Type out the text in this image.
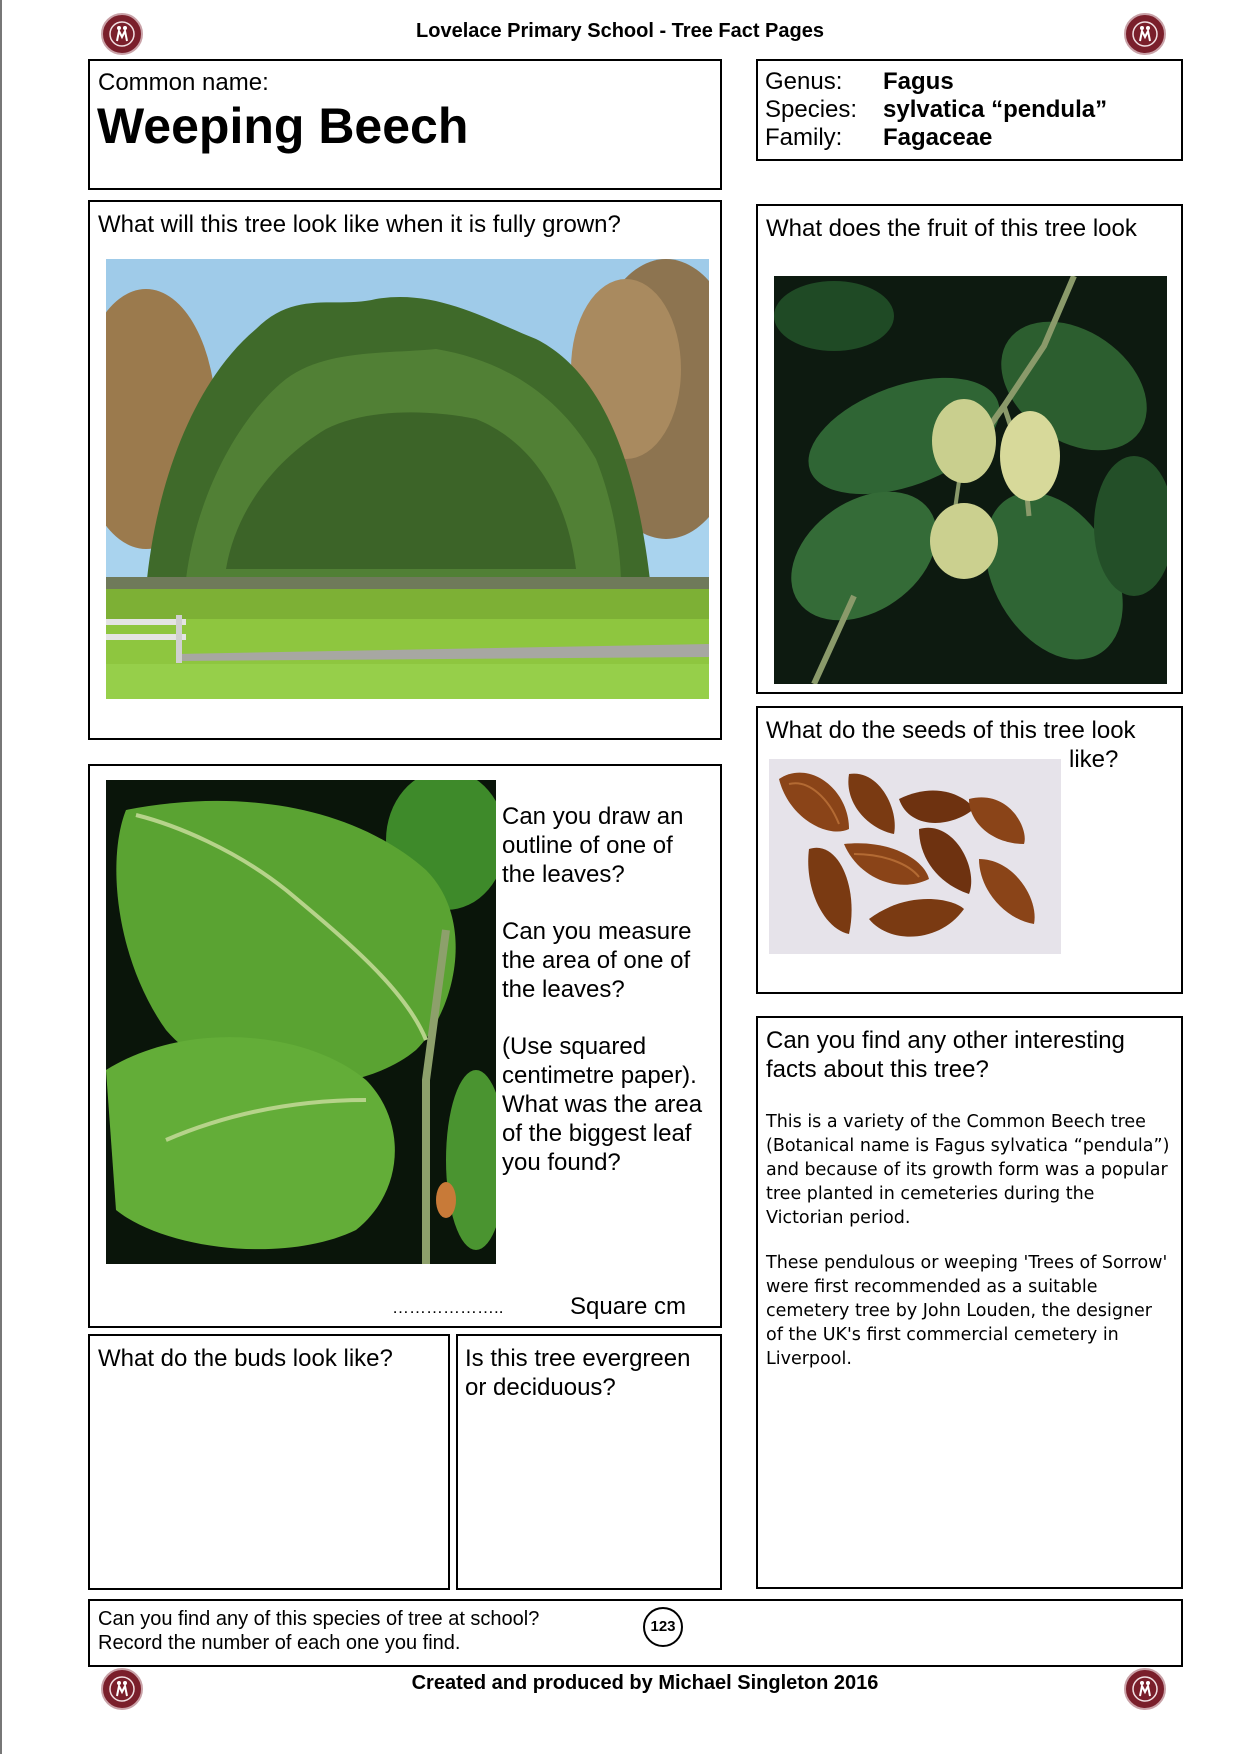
Lovelace Primary School - Tree Fact Pages
Common name:
Weeping Beech
Genus: Fagus
Species: sylvatica “pendula”
Family: Fagaceae
What will this tree look like when it is fully grown?	What does the fruit of this tree look
What do the seeds of this tree look
like?
Can you draw an outline of one of the leaves?
Can you measure the area of one of the leaves?
(Use squared centimetre paper). What was the area of the biggest leaf you found?
………………..	Square cm
What do the buds look like?	Is this tree evergreen or deciduous?
Can you find any other interesting facts about this tree?
This is a variety of the Common Beech tree (Botanical name is Fagus sylvatica “pendula”) and because of its growth form was a popular tree planted in cemeteries during the Victorian period.
These pendulous or weeping 'Trees of Sorrow' were first recommended as a suitable cemetery tree by John Louden, the designer of the UK's first commercial cemetery in Liverpool.
Can you find any of this species of tree at school?
Record the number of each one you find.
123
Created and produced by Michael Singleton 2016
